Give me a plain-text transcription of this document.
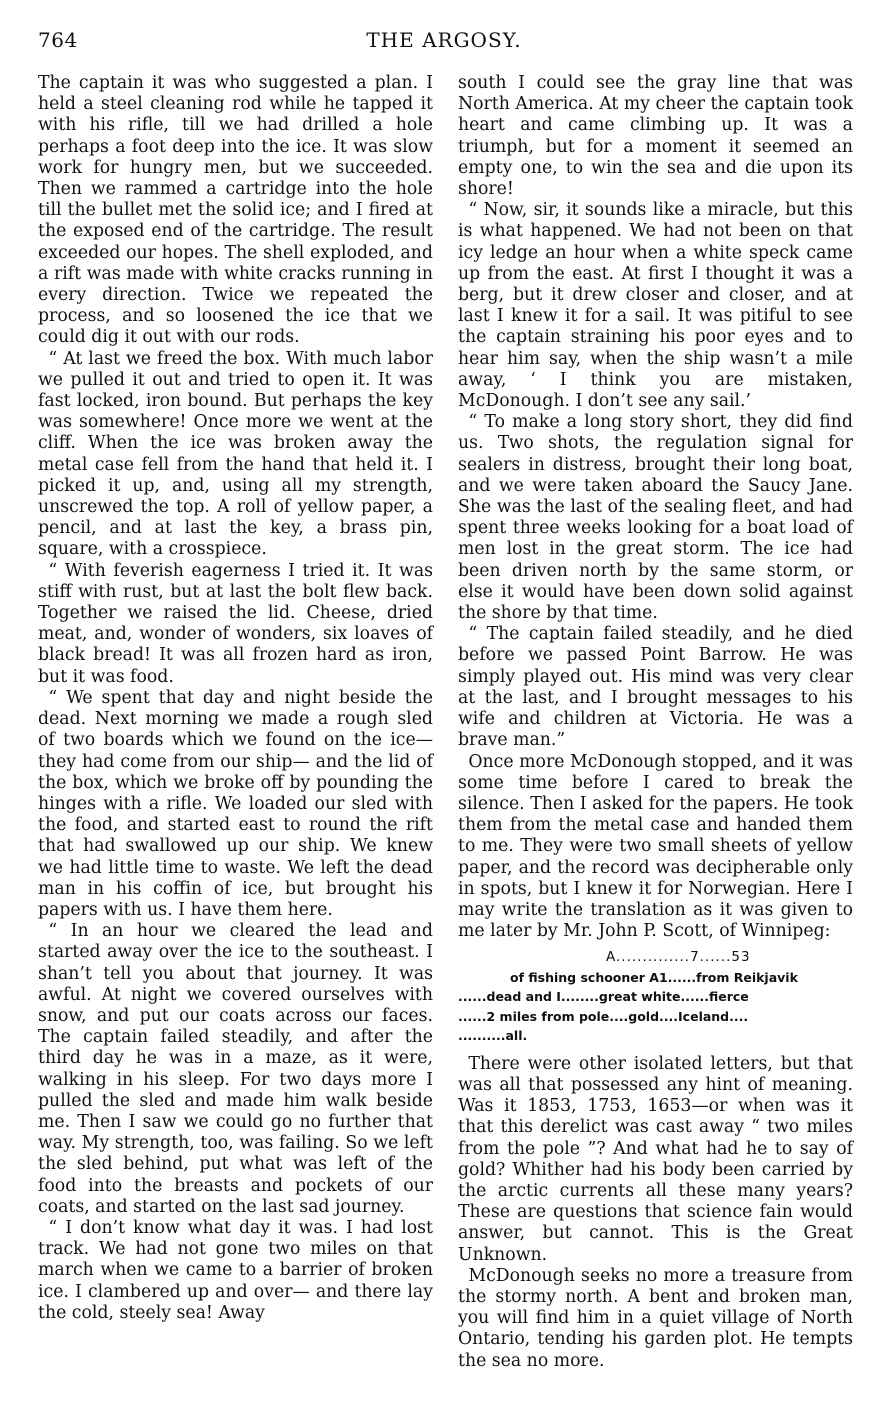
764	THE ARGOSY.

The captain it was who suggested a plan. I held a steel cleaning rod while he tapped it with his rifle, till we had drilled a hole perhaps a foot deep into the ice. It was slow work for hungry men, but we succeeded. Then we rammed a cartridge into the hole till the bullet met the solid ice; and I fired at the exposed end of the cartridge. The result exceeded our hopes. The shell exploded, and a rift was made with white cracks running in every direction. Twice we repeated the process, and so loosened the ice that we could dig it out with our rods.

“ At last we freed the box. With much labor we pulled it out and tried to open it. It was fast locked, iron bound. But perhaps the key was somewhere! Once more we went at the cliff. When the ice was broken away the metal case fell from the hand that held it. I picked it up, and, using all my strength, unscrewed the top. A roll of yellow paper, a pencil, and at last the key, a brass pin, square, with a crosspiece.

“ With feverish eagerness I tried it. It was stiff with rust, but at last the bolt flew back. Together we raised the lid. Cheese, dried meat, and, wonder of wonders, six loaves of black bread! It was all frozen hard as iron, but it was food.

“ We spent that day and night beside the dead. Next morning we made a rough sled of two boards which we found on the ice—they had come from our ship— and the lid of the box, which we broke off by pounding the hinges with a rifle. We loaded our sled with the food, and started east to round the rift that had swallowed up our ship. We knew we had little time to waste. We left the dead man in his coffin of ice, but brought his papers with us. I have them here.

“ In an hour we cleared the lead and started away over the ice to the southeast. I shan’t tell you about that journey. It was awful. At night we covered ourselves with snow, and put our coats across our faces. The captain failed steadily, and after the third day he was in a maze, as it were, walking in his sleep. For two days more I pulled the sled and made him walk beside me. Then I saw we could go no further that way. My strength, too, was failing. So we left the sled behind, put what was left of the food into the breasts and pockets of our coats, and started on the last sad journey.

“ I don’t know what day it was. I had lost track. We had not gone two miles on that march when we came to a barrier of broken ice. I clambered up and over— and there lay the cold, steely sea! Away

south I could see the gray line that was North America. At my cheer the captain took heart and came climbing up. It was a triumph, but for a moment it seemed an empty one, to win the sea and die upon its shore!

“ Now, sir, it sounds like a miracle, but this is what happened. We had not been on that icy ledge an hour when a white speck came up from the east. At first I thought it was a berg, but it drew closer and closer, and at last I knew it for a sail. It was pitiful to see the captain straining his poor eyes and to hear him say, when the ship wasn’t a mile away, ‘ I think you are mistaken, McDonough. I don’t see any sail.’

“ To make a long story short, they did find us. Two shots, the regulation signal for sealers in distress, brought their long boat, and we were taken aboard the Saucy Jane. She was the last of the sealing fleet, and had spent three weeks looking for a boat load of men lost in the great storm. The ice had been driven north by the same storm, or else it would have been down solid against the shore by that time.

“ The captain failed steadily, and he died before we passed Point Barrow. He was simply played out. His mind was very clear at the last, and I brought messages to his wife and children at Victoria. He was a brave man.”

Once more McDonough stopped, and it was some time before I cared to break the silence. Then I asked for the papers. He took them from the metal case and handed them to me. They were two small sheets of yellow paper, and the record was decipherable only in spots, but I knew it for Norwegian. Here I may write the translation as it was given to me later by Mr. John P. Scott, of Winnipeg:

A..............7......53
of fishing schooner A1......from Reikjavik
......dead and I........great white......fierce
......2 miles from pole....gold....Iceland....
..........all.

There were other isolated letters, but that was all that possessed any hint of meaning. Was it 1853, 1753, 1653—or when was it that this derelict was cast away “ two miles from the pole ”? And what had he to say of gold? Whither had his body been carried by the arctic currents all these many years? These are questions that science fain would answer, but cannot. This is the Great Unknown.

McDonough seeks no more a treasure from the stormy north. A bent and broken man, you will find him in a quiet village of North Ontario, tending his garden plot. He tempts the sea no more.
